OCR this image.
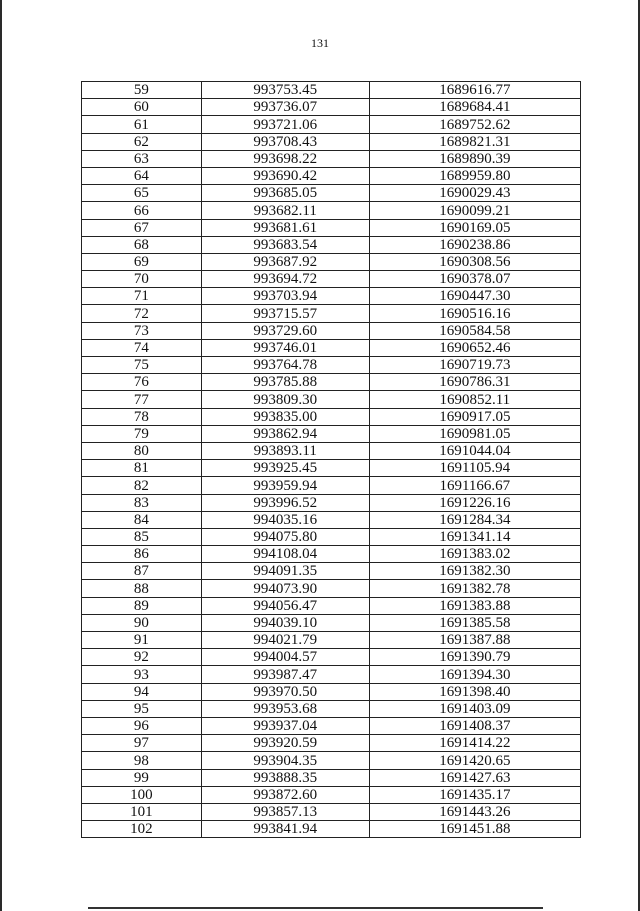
131
59	993753.45	1689616.77
60	993736.07	1689684.41
61	993721.06	1689752.62
62	993708.43	1689821.31
63	993698.22	1689890.39
64	993690.42	1689959.80
65	993685.05	1690029.43
66	993682.11	1690099.21
67	993681.61	1690169.05
68	993683.54	1690238.86
69	993687.92	1690308.56
70	993694.72	1690378.07
71	993703.94	1690447.30
72	993715.57	1690516.16
73	993729.60	1690584.58
74	993746.01	1690652.46
75	993764.78	1690719.73
76	993785.88	1690786.31
77	993809.30	1690852.11
78	993835.00	1690917.05
79	993862.94	1690981.05
80	993893.11	1691044.04
81	993925.45	1691105.94
82	993959.94	1691166.67
83	993996.52	1691226.16
84	994035.16	1691284.34
85	994075.80	1691341.14
86	994108.04	1691383.02
87	994091.35	1691382.30
88	994073.90	1691382.78
89	994056.47	1691383.88
90	994039.10	1691385.58
91	994021.79	1691387.88
92	994004.57	1691390.79
93	993987.47	1691394.30
94	993970.50	1691398.40
95	993953.68	1691403.09
96	993937.04	1691408.37
97	993920.59	1691414.22
98	993904.35	1691420.65
99	993888.35	1691427.63
100	993872.60	1691435.17
101	993857.13	1691443.26
102	993841.94	1691451.88
